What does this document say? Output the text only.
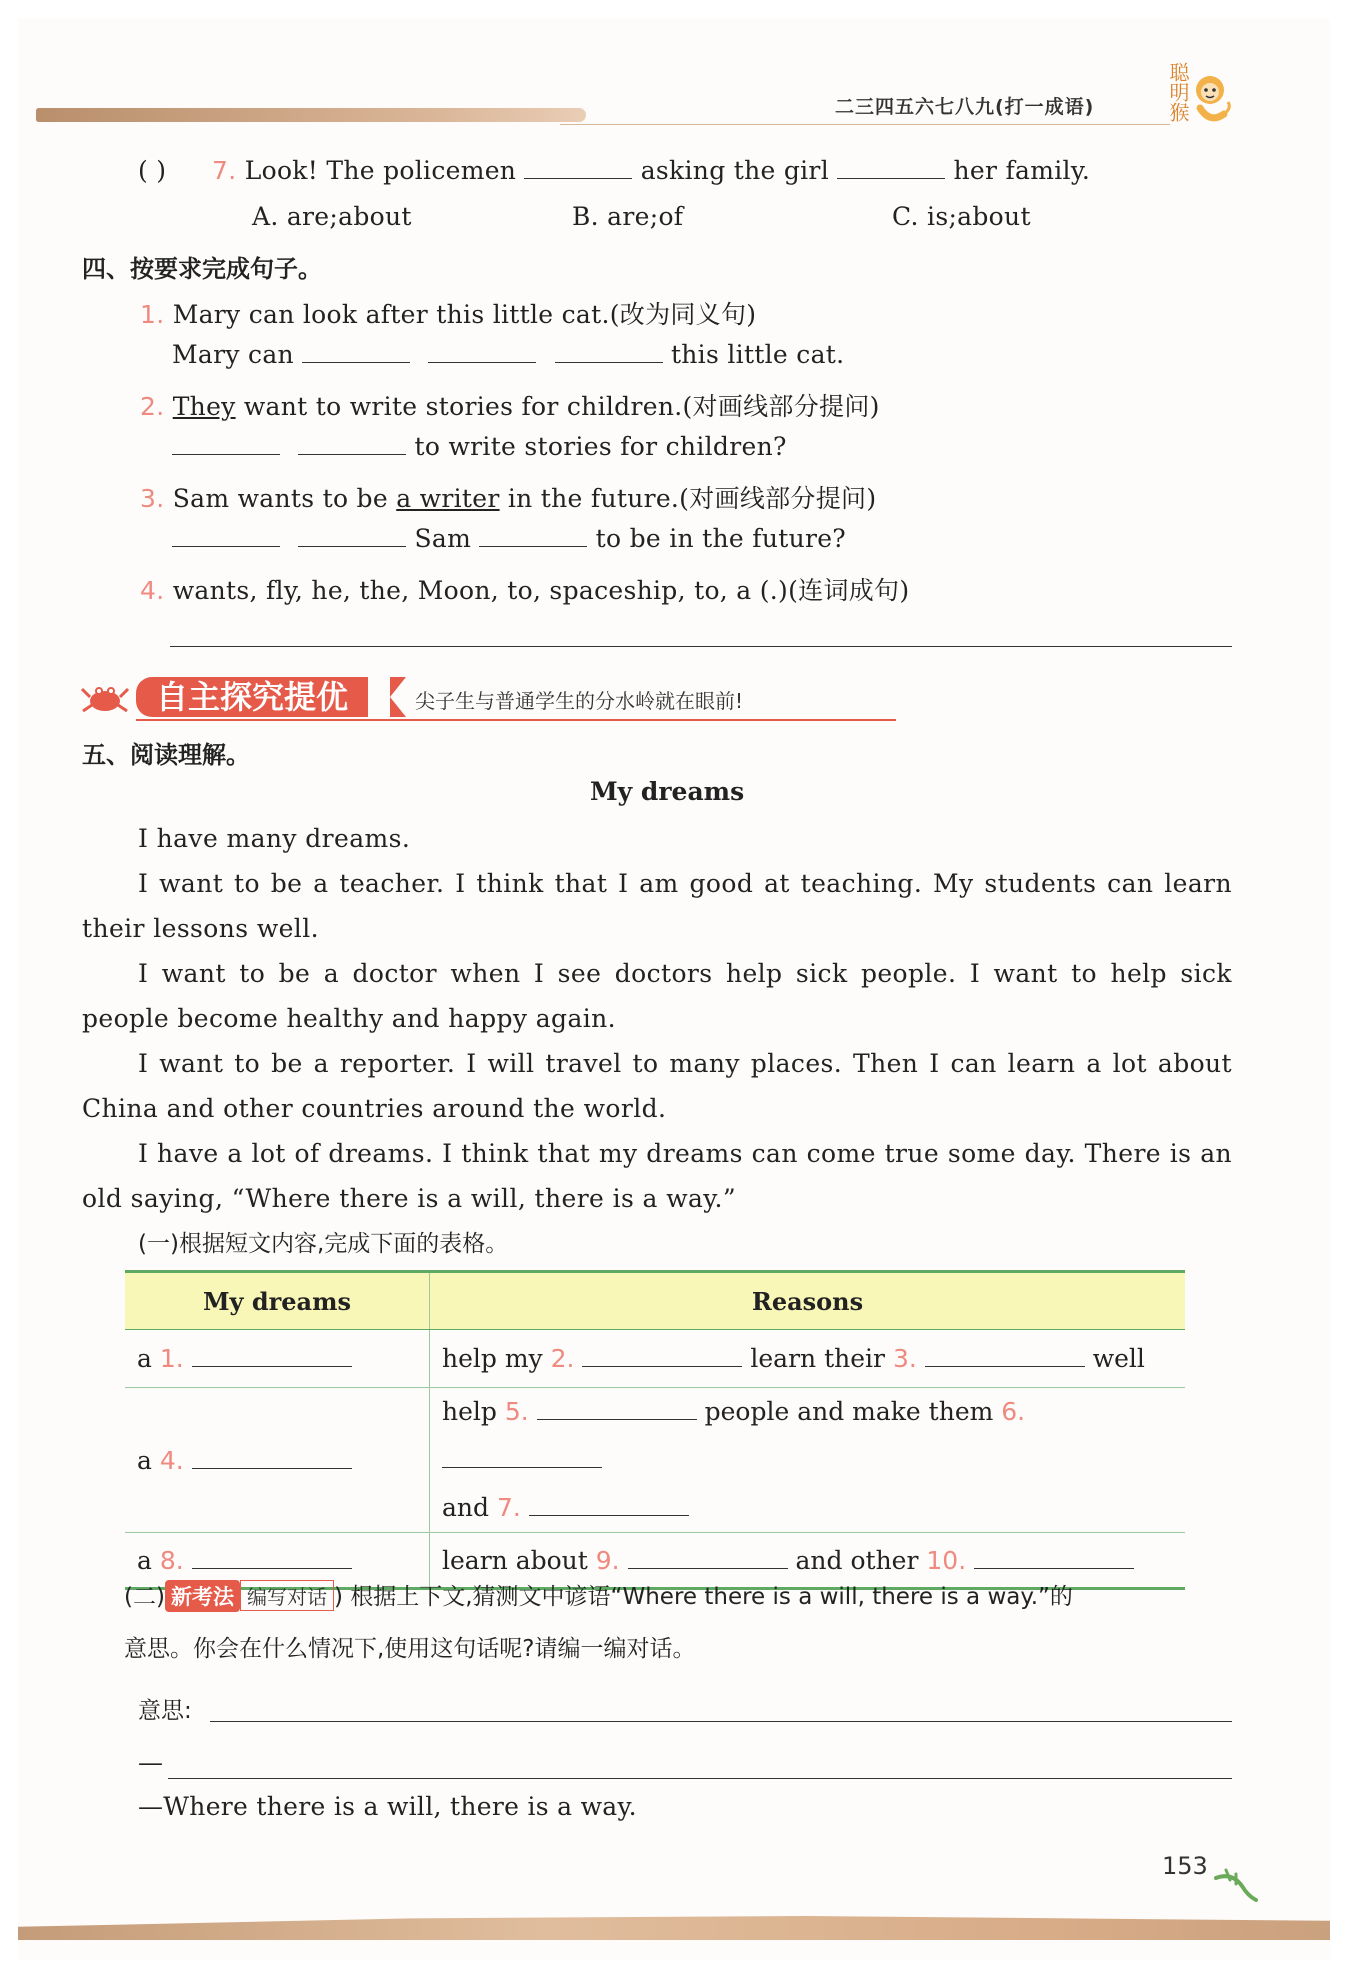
二三四五六七八九(打一成语)	聪明猴
( ) 7. Look! The policemen	asking the girl	her family.
A. are;about	B. are;of	C. is;about
四、按要求完成句子。
1. Mary can look after this little cat.(改为同义句)
Mary can	this little cat.
2. They want to write stories for children.(对画线部分提问)
to write stories for children?
3. Sam wants to be a writer in the future.(对画线部分提问)
Sam	to be in the future?
4. wants, fly, he, the, Moon, to, spaceship, to, a (.)(连词成句)
自主探究提优	尖子生与普通学生的分水岭就在眼前!
五、阅读理解。
My dreams
I have many dreams.
I want to be a teacher. I think that I am good at teaching. My students can learn their lessons well.
I want to be a doctor when I see doctors help sick people. I want to help sick people become healthy and happy again.
I want to be a reporter. I will travel to many places. Then I can learn a lot about China and other countries around the world.
I have a lot of dreams. I think that my dreams can come true some day. There is an old saying, “Where there is a will, there is a way.”
(一)根据短文内容,完成下面的表格。
My dreams	Reasons
a 1.	help my 2. learn their 3. well
a 4.	help 5. people and make them 6.
and 7.
a 8.	learn about 9. and other 10.
(二) 新考法 编写对话 ) 根据上下文,猜测文中谚语“Where there is a will, there is a way.”的
意思。你会在什么情况下,使用这句话呢?请编一编对话。
意思:
—
—Where there is a will, there is a way.
153
